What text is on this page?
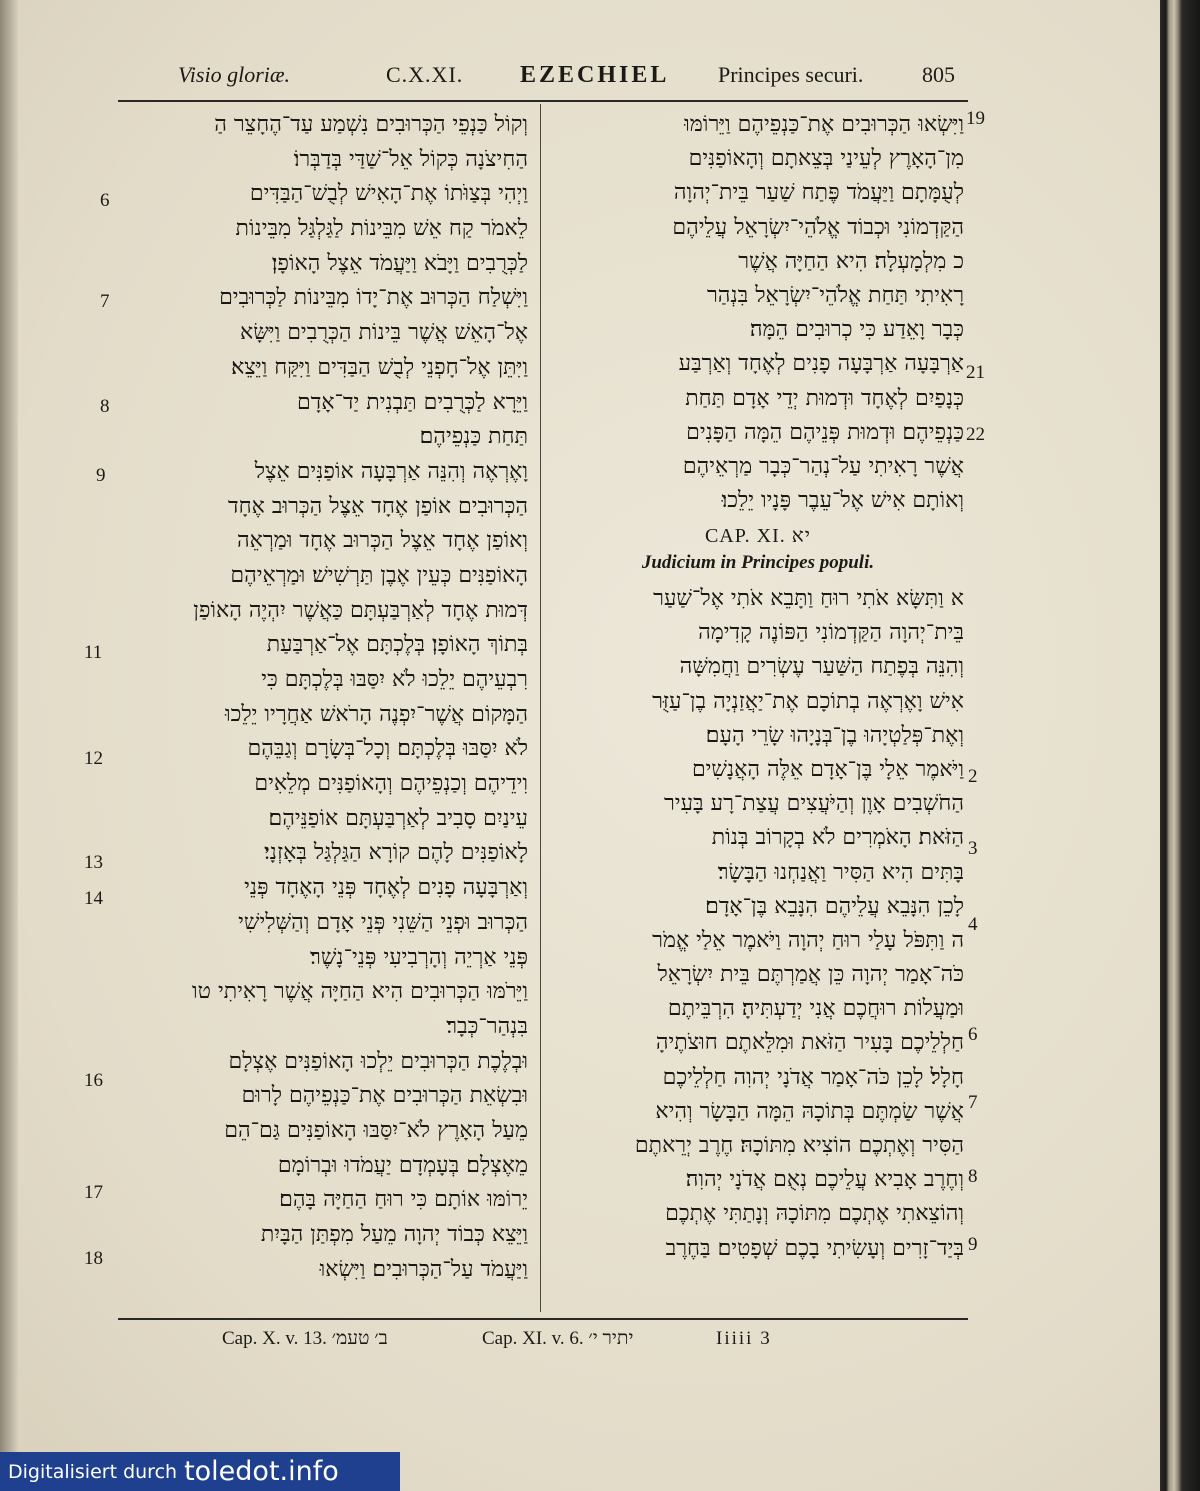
Visio gloriæ.	C.X.XI. EZECHIEL Principes securi.	805
וְקוֹל כַּנְפֵי הַכְּרוּבִים נִשְׁמַע עַד־הֶחָצֵר הַ
הַחִיצֹנָה כְּקוֹל אֵל־שַׁדַּי בְּדַבְּרוֹ׃
וַיְהִי בְּצַוֹּתוֹ אֶת־הָאִישׁ לְבֻשׁ־הַבַּדִּים
לֵאמֹר קַח אֵשׁ מִבֵּינוֹת לַגַּלְגַּל מִבֵּינוֹת
לַכְּרֻבִים וַיָּבֹא וַיַּעֲמֹד אֵצֶל הָאוֹפָן׃
וַיִּשְׁלַח הַכְּרוּב אֶת־יָדוֹ מִבֵּינוֹת לַכְּרוּבִים
אֶל־הָאֵשׁ אֲשֶׁר בֵּינוֹת הַכְּרֻבִים וַיִּשָּׂא
וַיִּתֵּן אֶל־חָפְנֵי לְבֻשׁ הַבַּדִּים וַיִּקַּח וַיֵּצֵא׃
וַיֵּרָא לַכְּרֻבִים תַּבְנִית יַד־אָדָם
תַּחַת כַּנְפֵיהֶם׃
וָאֶרְאֶה וְהִנֵּה אַרְבָּעָה אוֹפַנִּים אֵצֶל
הַכְּרוּבִים אוֹפַן אֶחָד אֵצֶל הַכְּרוּב אֶחָד
וְאוֹפַן אֶחָד אֵצֶל הַכְּרוּב אֶחָד וּמַרְאֵה
הָאוֹפַנִּים כְּעֵין אֶבֶן תַּרְשִׁישׁ׃ וּמַרְאֵיהֶם
דְּמוּת אֶחָד לְאַרְבַּעְתָּם כַּאֲשֶׁר יִהְיֶה הָאוֹפַן
בְּתוֹךְ הָאוֹפָן׃ בְּלֶכְתָּם אֶל־אַרְבַּעַת
רִבְעֵיהֶם יֵלֵכוּ לֹא יִסַּבּוּ בְּלֶכְתָּם כִּי
הַמָּקוֹם אֲשֶׁר־יִפְנֶה הָרֹאשׁ אַחֲרָיו יֵלֵכוּ
לֹא יִסַּבּוּ בְּלֶכְתָּם׃ וְכָל־בְּשָׂרָם וְגַבֵּהֶם
וִידֵיהֶם וְכַנְפֵיהֶם וְהָאוֹפַנִּים מְלֵאִים
עֵינַיִם סָבִיב לְאַרְבַּעְתָּם אוֹפַנֵּיהֶם׃
לָאוֹפַנִּים לָהֶם קוֹרָא הַגַּלְגַּל בְּאָזְנָי׃
וְאַרְבָּעָה פָנִים לְאֶחָד פְּנֵי הָאֶחָד פְּנֵי
הַכְּרוּב וּפְנֵי הַשֵּׁנִי פְּנֵי אָדָם וְהַשְּׁלִישִׁי
פְּנֵי אַרְיֵה וְהָרְבִיעִי פְּנֵי־נָשֶׁר׃
וַיֵּרֹמּוּ הַכְּרוּבִים הִיא הַחַיָּה אֲשֶׁר רָאִיתִי טו
בִּנְהַר־כְּבָר׃
וּבְלֶכֶת הַכְּרוּבִים יֵלְכוּ הָאוֹפַנִּים אֶצְלָם
וּבִשְׂאֵת הַכְּרוּבִים אֶת־כַּנְפֵיהֶם לָרוּם
מֵעַל הָאָרֶץ לֹא־יִסַּבּוּ הָאוֹפַנִּים גַּם־הֵם
מֵאֶצְלָם׃ בְּעָמְדָם יַעֲמֹדוּ וּבְרוֹמָם
יֵרוֹמּוּ אוֹתָם כִּי רוּחַ הַחַיָּה בָּהֶם׃
וַיֵּצֵא כְּבוֹד יְהוָה מֵעַל מִפְתַּן הַבָּיִת
וַיַּעֲמֹד עַל־הַכְּרוּבִים׃ וַיִּשְׂאוּ
וַיִּשְׂאוּ הַכְּרוּבִים אֶת־כַּנְפֵיהֶם וַיֵּרוֹמּוּ
מִן־הָאָרֶץ לְעֵינַי בְּצֵאתָם וְהָאוֹפַנִּים
לְעֻמָּתָם וַיַּעֲמֹד פֶּתַח שַׁעַר בֵּית־יְהוָה
הַקַּדְמוֹנִי וּכְבוֹד אֱלֹהֵי־יִשְׂרָאֵל עֲלֵיהֶם
כ מִלְמָעְלָה׃ הִיא הַחַיָּה אֲשֶׁר
רָאִיתִי תַּחַת אֱלֹהֵי־יִשְׂרָאֵל בִּנְהַר
כְּבָר וָאֵדַע כִּי כְרוּבִים הֵמָּה׃
אַרְבָּעָה אַרְבָּעָה פָנִים לְאֶחָד וְאַרְבַּע
כְּנָפַיִם לְאֶחָד וּדְמוּת יְדֵי אָדָם תַּחַת
כַּנְפֵיהֶם׃ וּדְמוּת פְּנֵיהֶם הֵמָּה הַפָּנִים
אֲשֶׁר רָאִיתִי עַל־נְהַר־כְּבָר מַרְאֵיהֶם
וְאוֹתָם אִישׁ אֶל־עֵבֶר פָּנָיו יֵלֵכוּ׃
CAP. XI. יא
Judicium in Principes populi.
א וַתִּשָּׂא אֹתִי רוּחַ וַתָּבֵא אֹתִי אֶל־שַׁעַר
בֵּית־יְהוָה הַקַּדְמוֹנִי הַפּוֹנֶה קָדִימָה
וְהִנֵּה בְּפֶתַח הַשַּׁעַר עֶשְׂרִים וַחֲמִשָּׁה
אִישׁ וָאֶרְאֶה בְתוֹכָם אֶת־יַאֲזַנְיָה בֶן־עַזֻּר
וְאֶת־פְּלַטְיָהוּ בֶן־בְּנָיָהוּ שָׂרֵי הָעָם׃
וַיֹּאמֶר אֵלָי בֶּן־אָדָם אֵלֶּה הָאֲנָשִׁים
הַחֹשְׁבִים אָוֶן וְהַיֹּעֲצִים עֲצַת־רָע בָּעִיר
הַזֹּאת׃ הָאֹמְרִים לֹא בְקָרוֹב בְּנוֹת
בָּתִּים הִיא הַסִּיר וַאֲנַחְנוּ הַבָּשָׂר׃
לָכֵן הִנָּבֵא עֲלֵיהֶם הִנָּבֵא בֶּן־אָדָם׃
ה וַתִּפֹּל עָלַי רוּחַ יְהוָה וַיֹּאמֶר אֵלַי אֱמֹר
כֹּה־אָמַר יְהוָה כֵּן אֲמַרְתֶּם בֵּית יִשְׂרָאֵל
וּמַעֲלוֹת רוּחֲכֶם אֲנִי יְדַעְתִּיהָ׃ הִרְבֵּיתֶם
חַלְלֵיכֶם בָּעִיר הַזֹּאת וּמִלֵּאתֶם חוּצֹתֶיהָ
חָלָל׃ לָכֵן כֹּה־אָמַר אֲדֹנָי יְהוִה חַלְלֵיכֶם
אֲשֶׁר שַׂמְתֶּם בְּתוֹכָהּ הֵמָּה הַבָּשָׂר וְהִיא
הַסִּיר וְאֶתְכֶם הוֹצִיא מִתּוֹכָהּ׃ חֶרֶב יְרֵאתֶם
וְחֶרֶב אָבִיא עֲלֵיכֶם נְאֻם אֲדֹנָי יְהוִה׃
וְהוֹצֵאתִי אֶתְכֶם מִתּוֹכָהּ וְנָתַתִּי אֶתְכֶם
בְּיַד־זָרִים וְעָשִׂיתִי בָכֶם שְׁפָטִים׃ בַּחֶרֶב
6
7
8
9
11
12
13
14
16
17
18
19
21
22
2
3
4
6
7
8
9
Cap. X. v. 13. ב׳ טעמ׳	Cap. XI. v. 6. יתיר י׳	Iiiii 3
Digitalisiert durch toledot.info
